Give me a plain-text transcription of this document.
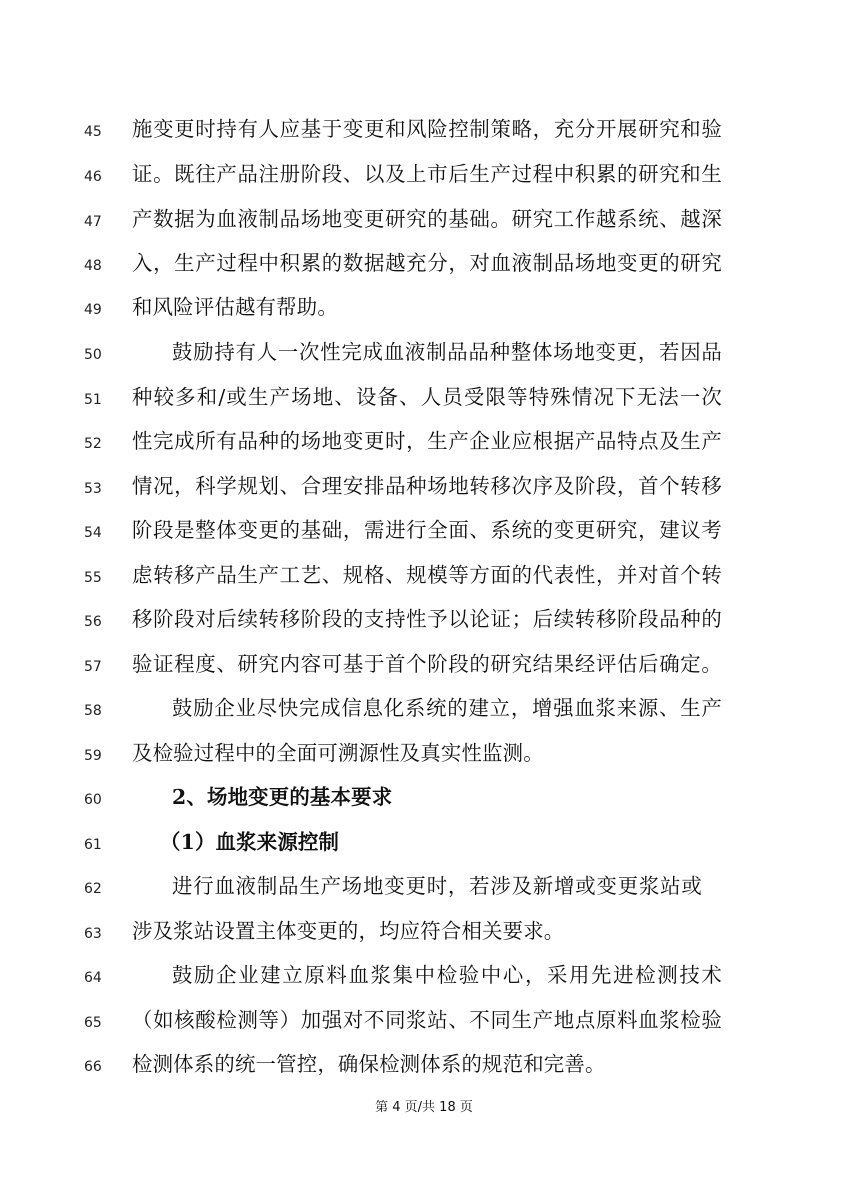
45 施变更时持有人应基于变更和风险控制策略，充分开展研究和验
46 证。既往产品注册阶段、以及上市后生产过程中积累的研究和生
47 产数据为血液制品场地变更研究的基础。研究工作越系统、越深
48 入，生产过程中积累的数据越充分，对血液制品场地变更的研究
49 和风险评估越有帮助。
50	鼓励持有人一次性完成血液制品品种整体场地变更，若因品
51 种较多和/或生产场地、设备、人员受限等特殊情况下无法一次
52 性完成所有品种的场地变更时，生产企业应根据产品特点及生产
53 情况，科学规划、合理安排品种场地转移次序及阶段，首个转移
54 阶段是整体变更的基础，需进行全面、系统的变更研究，建议考
55 虑转移产品生产工艺、规格、规模等方面的代表性，并对首个转
56 移阶段对后续转移阶段的支持性予以论证；后续转移阶段品种的
57 验证程度、研究内容可基于首个阶段的研究结果经评估后确定。
58	鼓励企业尽快完成信息化系统的建立，增强血浆来源、生产
59 及检验过程中的全面可溯源性及真实性监测。
60	2、场地变更的基本要求
61	（1）血浆来源控制
62	进行血液制品生产场地变更时，若涉及新增或变更浆站或
63 涉及浆站设置主体变更的，均应符合相关要求。
64	鼓励企业建立原料血浆集中检验中心，采用先进检测技术
65 （如核酸检测等）加强对不同浆站、不同生产地点原料血浆检验
66 检测体系的统一管控，确保检测体系的规范和完善。
第 4 页/共 18 页
